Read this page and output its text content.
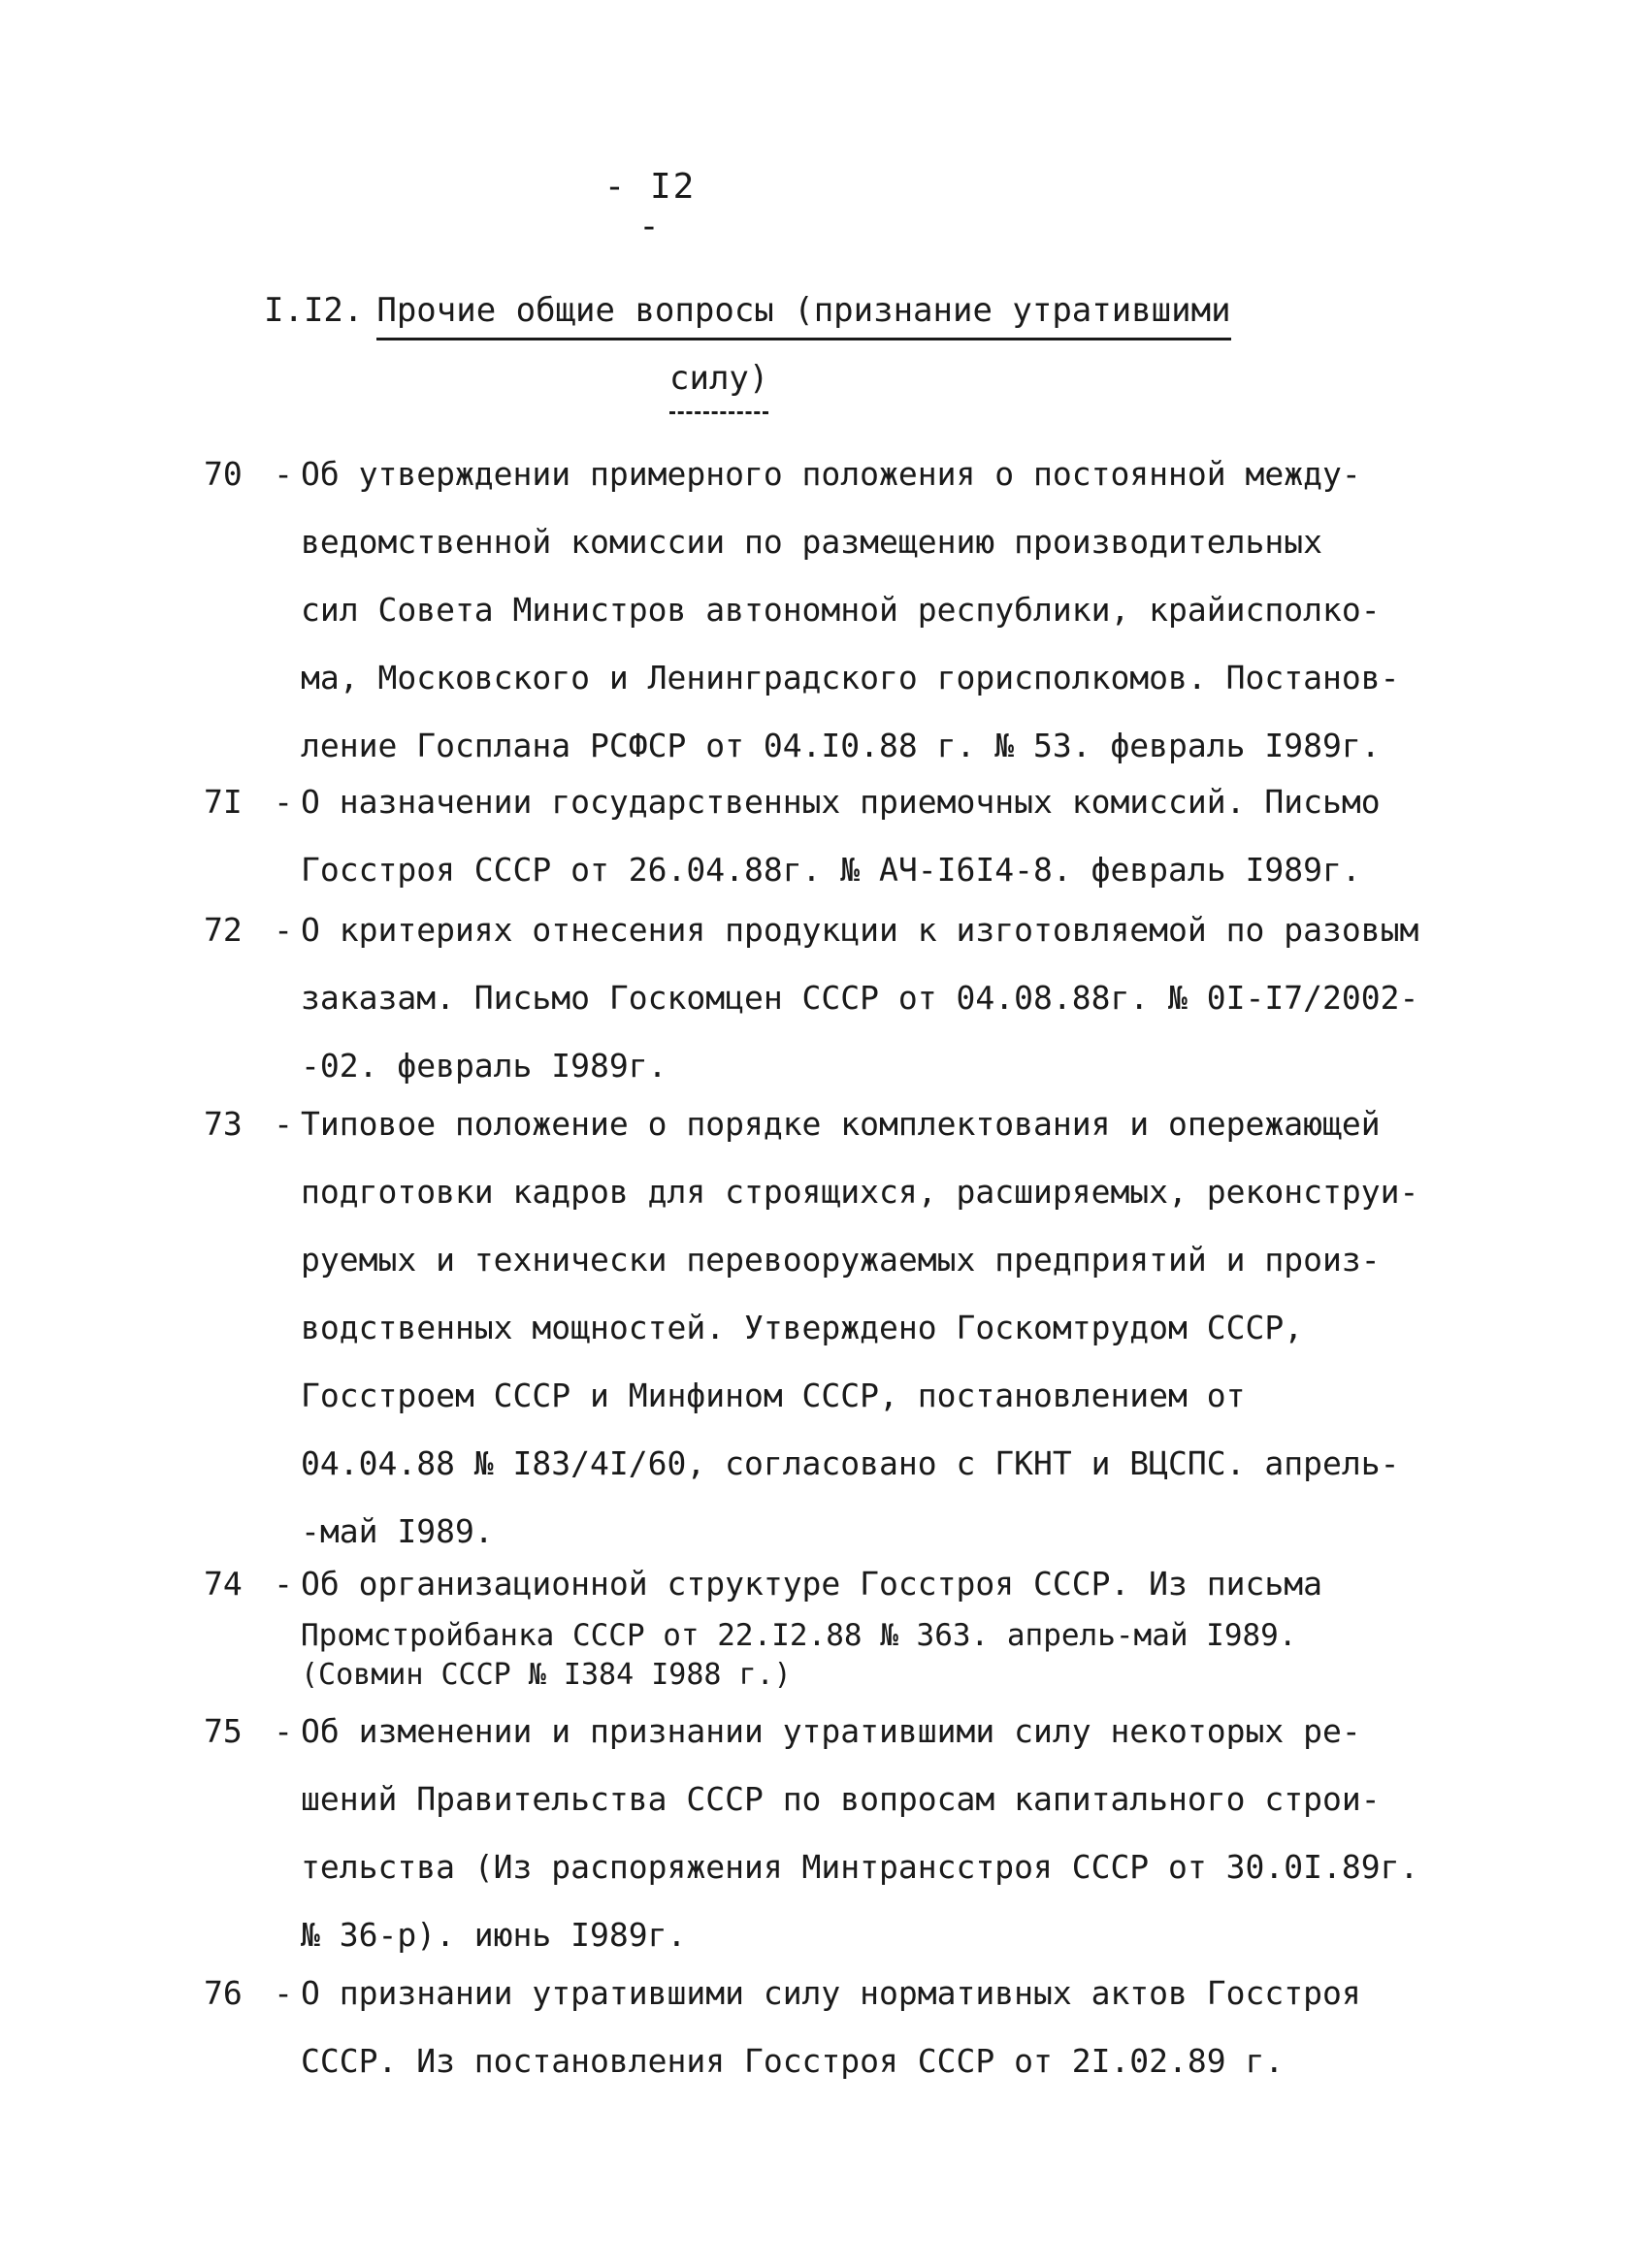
- I2 -
I.I2. Прочие общие вопросы (признание утратившими
силу)
70 - Об утверждении примерного положения о постоянной между-
ведомственной комиссии по размещению производительных
сил Совета Министров автономной республики, крайисполко-
ма, Московского и Ленинградского горисполкомов. Постанов-
ление Госплана РСФСР от 04.I0.88 г. № 53. февраль I989г.
7I - О назначении государственных приемочных комиссий. Письмо
Госстроя СССР от 26.04.88г. № АЧ-I6I4-8. февраль I989г.
72 - О критериях отнесения продукции к изготовляемой по разовым
заказам. Письмо Госкомцен СССР от 04.08.88г. № 0I-I7/2002-
-02. февраль I989г.
73 - Типовое положение о порядке комплектования и опережающей
подготовки кадров для строящихся, расширяемых, реконструи-
руемых и технически перевооружаемых предприятий и произ-
водственных мощностей. Утверждено Госкомтрудом СССР,
Госстроем СССР и Минфином СССР, постановлением от
04.04.88 № I83/4I/60, согласовано с ГКНТ и ВЦСПС. апрель-
-май I989.
74 - Об организационной структуре Госстроя СССР. Из письма
Промстройбанка СССР от 22.I2.88 № 363. апрель-май I989.
(Совмин СССР № I384 I988 г.)
75 - Об изменении и признании утратившими силу некоторых ре-
шений Правительства СССР по вопросам капитального строи-
тельства (Из распоряжения Минтрансстроя СССР от 30.0I.89г.
№ 36-р). июнь I989г.
76 - О признании утратившими силу нормативных актов Госстроя
СССР. Из постановления Госстроя СССР от 2I.02.89 г.
